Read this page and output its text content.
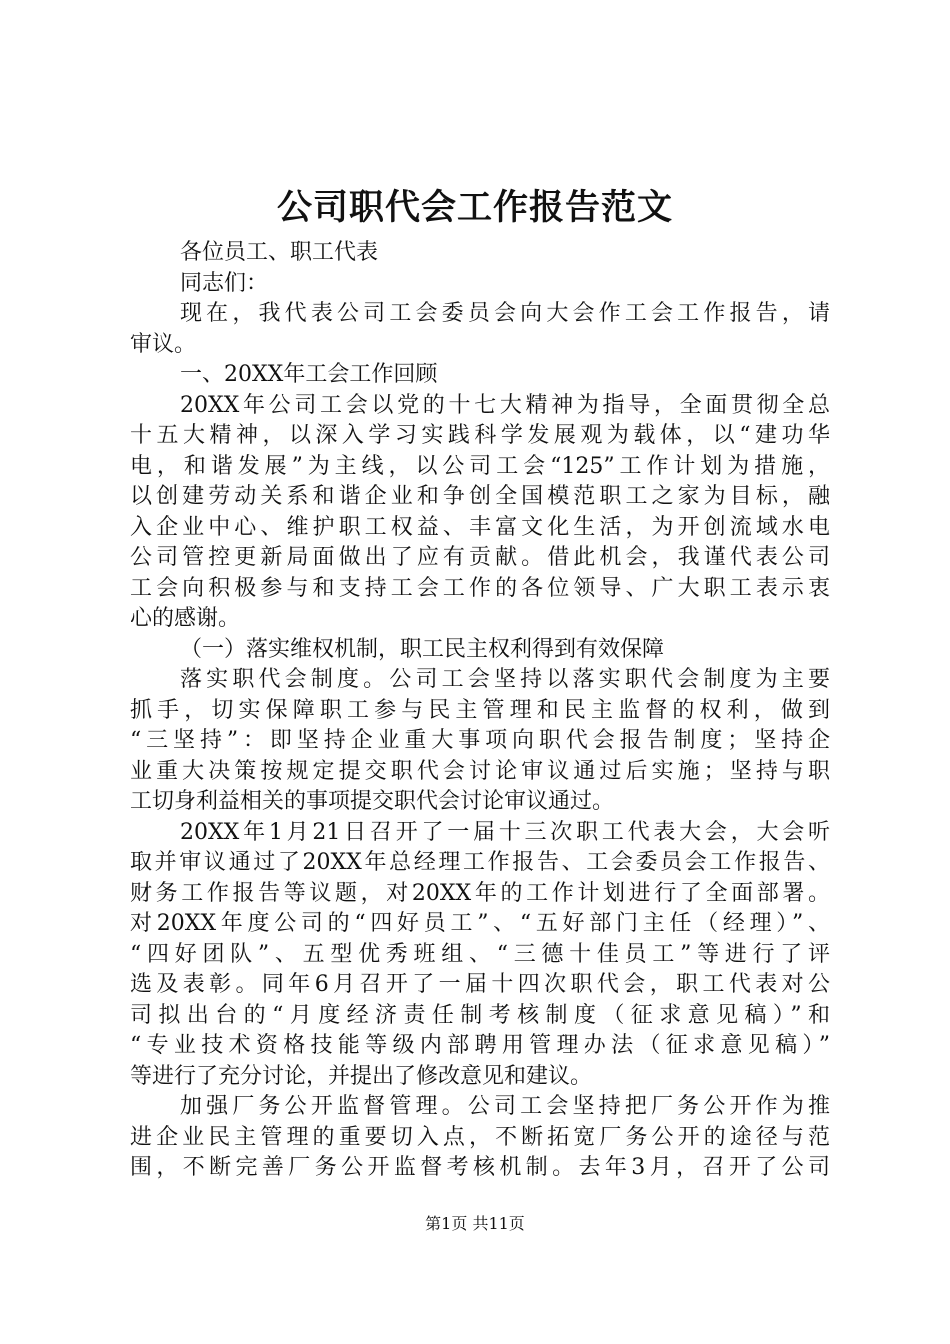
公司职代会工作报告范文
各位员工、职工代表
同志们：
现在，我代表公司工会委员会向大会作工会工作报告，请
审议。
一、20XX年工会工作回顾
20XX年公司工会以党的十七大精神为指导，全面贯彻全总
十五大精神，以深入学习实践科学发展观为载体，以“建功华
电，和谐发展”为主线，以公司工会“125”工作计划为措施，
以创建劳动关系和谐企业和争创全国模范职工之家为目标，融
入企业中心、维护职工权益、丰富文化生活，为开创流域水电
公司管控更新局面做出了应有贡献。借此机会，我谨代表公司
工会向积极参与和支持工会工作的各位领导、广大职工表示衷
心的感谢。
（一）落实维权机制，职工民主权利得到有效保障
落实职代会制度。公司工会坚持以落实职代会制度为主要
抓手，切实保障职工参与民主管理和民主监督的权利，做到
“三坚持”：即坚持企业重大事项向职代会报告制度；坚持企
业重大决策按规定提交职代会讨论审议通过后实施；坚持与职
工切身利益相关的事项提交职代会讨论审议通过。
20XX年1月21日召开了一届十三次职工代表大会，大会听
取并审议通过了20XX年总经理工作报告、工会委员会工作报告、
财务工作报告等议题，对20XX年的工作计划进行了全面部署。
对20XX年度公司的“四好员工”、“五好部门主任（经理）”、
“四好团队”、五型优秀班组、“三德十佳员工”等进行了评
选及表彰。同年6月召开了一届十四次职代会，职工代表对公
司拟出台的“月度经济责任制考核制度（征求意见稿）”和
“专业技术资格技能等级内部聘用管理办法（征求意见稿）”
等进行了充分讨论，并提出了修改意见和建议。
加强厂务公开监督管理。公司工会坚持把厂务公开作为推
进企业民主管理的重要切入点，不断拓宽厂务公开的途径与范
围，不断完善厂务公开监督考核机制。去年3月，召开了公司
第1页 共11页
